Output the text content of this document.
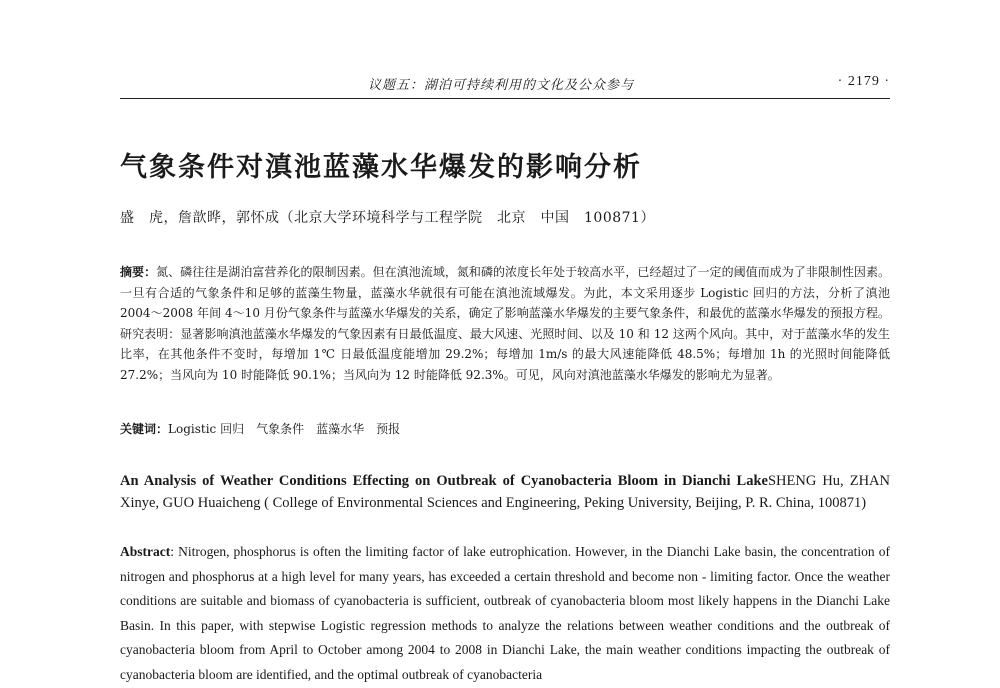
议题五：湖泊可持续利用的文化及公众参与	· 2179 ·
气象条件对滇池蓝藻水华爆发的影响分析
盛　虎，詹歆晔，郭怀成（北京大学环境科学与工程学院　北京　中国　100871）
摘要：氮、磷往往是湖泊富营养化的限制因素。但在滇池流域，氮和磷的浓度长年处于较高水平，已经超过了一定的阈值而成为了非限制性因素。一旦有合适的气象条件和足够的蓝藻生物量，蓝藻水华就很有可能在滇池流域爆发。为此，本文采用逐步 Logistic 回归的方法，分析了滇池 2004～2008 年间 4～10 月份气象条件与蓝藻水华爆发的关系，确定了影响蓝藻水华爆发的主要气象条件，和最优的蓝藻水华爆发的预报方程。研究表明：显著影响滇池蓝藻水华爆发的气象因素有日最低温度、最大风速、光照时间、以及 10 和 12 这两个风向。其中，对于蓝藻水华的发生比率，在其他条件不变时，每增加 1℃ 日最低温度能增加 29.2%；每增加 1m/s 的最大风速能降低 48.5%；每增加 1h 的光照时间能降低 27.2%；当风向为 10 时能降低 90.1%；当风向为 12 时能降低 92.3%。可见，风向对滇池蓝藻水华爆发的影响尤为显著。
关键词：Logistic 回归　气象条件　蓝藻水华　预报
An Analysis of Weather Conditions Effecting on Outbreak of Cyanobacteria Bloom in Dianchi LakeSHENG Hu, ZHAN Xinye, GUO Huaicheng ( College of Environmental Sciences and Engineering, Peking University, Beijing, P. R. China, 100871)
Abstract: Nitrogen, phosphorus is often the limiting factor of lake eutrophication. However, in the Dianchi Lake basin, the concentration of nitrogen and phosphorus at a high level for many years, has exceeded a certain threshold and become non - limiting factor. Once the weather conditions are suitable and biomass of cyanobacteria is sufficient, outbreak of cyanobacteria bloom most likely happens in the Dianchi Lake Basin. In this paper, with stepwise Logistic regression methods to analyze the relations between weather conditions and the outbreak of cyanobacteria bloom from April to October among 2004 to 2008 in Dianchi Lake, the main weather conditions impacting the outbreak of cyanobacteria bloom are identified, and the optimal outbreak of cyanobacteria
